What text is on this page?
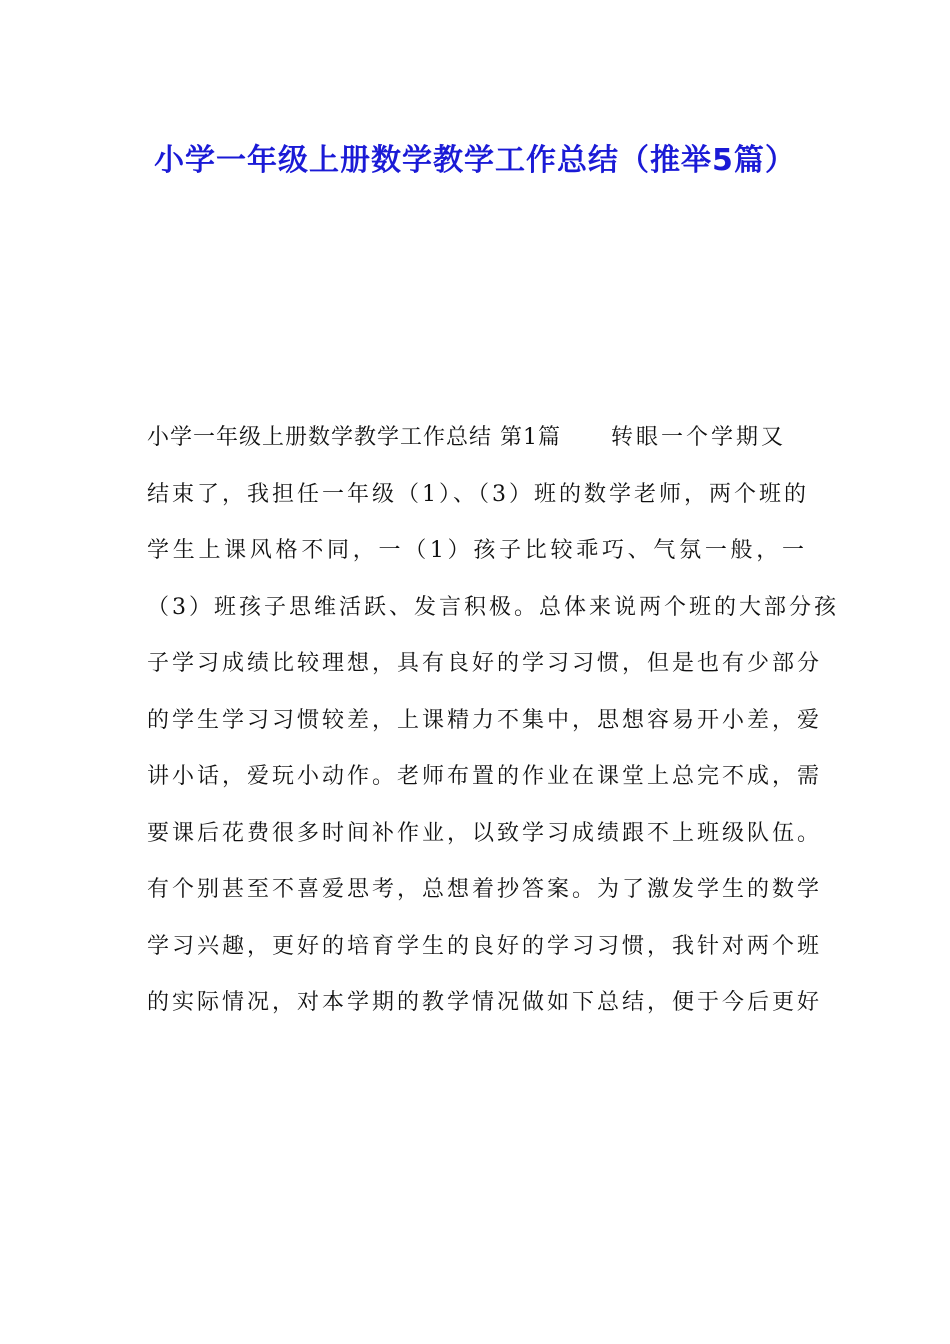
小学一年级上册数学教学工作总结（推举5篇）
小学一年级上册数学教学工作总结 第1篇 转眼一个学期又
结束了，我担任一年级（1）、（3）班的数学老师，两个班的
学生上课风格不同，一（1）孩子比较乖巧、气氛一般，一
（3）班孩子思维活跃、发言积极。总体来说两个班的大部分孩
子学习成绩比较理想，具有良好的学习习惯，但是也有少部分
的学生学习习惯较差，上课精力不集中，思想容易开小差，爱
讲小话，爱玩小动作。老师布置的作业在课堂上总完不成，需
要课后花费很多时间补作业，以致学习成绩跟不上班级队伍。
有个别甚至不喜爱思考，总想着抄答案。为了激发学生的数学
学习兴趣，更好的培育学生的良好的学习习惯，我针对两个班
的实际情况，对本学期的教学情况做如下总结，便于今后更好
